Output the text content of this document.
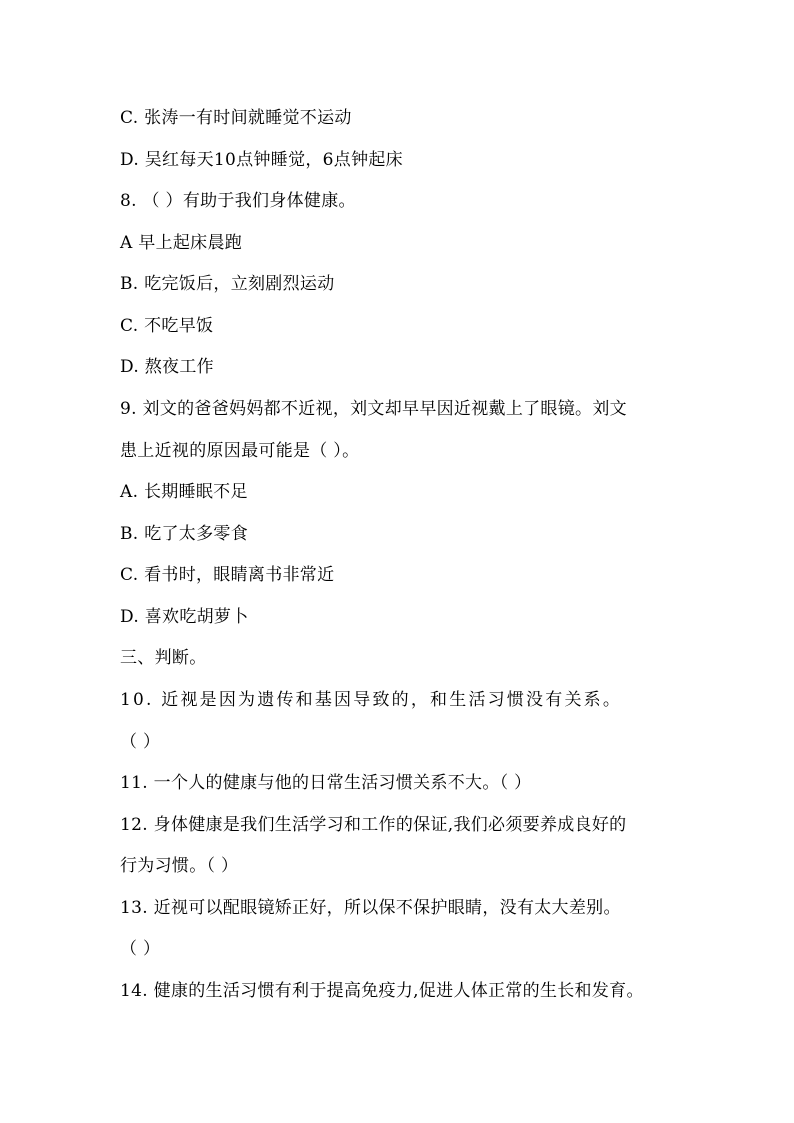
C. 张涛一有时间就睡觉不运动
D. 吴红每天10点钟睡觉，6点钟起床
8. （ ）有助于我们身体健康。
A 早上起床晨跑
B. 吃完饭后，立刻剧烈运动
C. 不吃早饭
D. 熬夜工作
9. 刘文的爸爸妈妈都不近视，刘文却早早因近视戴上了眼镜。刘文
患上近视的原因最可能是（ ）。
A. 长期睡眠不足
B. 吃了太多零食
C. 看书时，眼睛离书非常近
D. 喜欢吃胡萝卜
三、判断。
10. 近视是因为遗传和基因导致的，和生活习惯没有关系。
（ ）
11. 一个人的健康与他的日常生活习惯关系不大。（ ）
12. 身体健康是我们生活学习和工作的保证,我们必须要养成良好的
行为习惯。（ ）
13. 近视可以配眼镜矫正好，所以保不保护眼睛，没有太大差别。
（ ）
14. 健康的生活习惯有利于提高免疫力,促进人体正常的生长和发育。
